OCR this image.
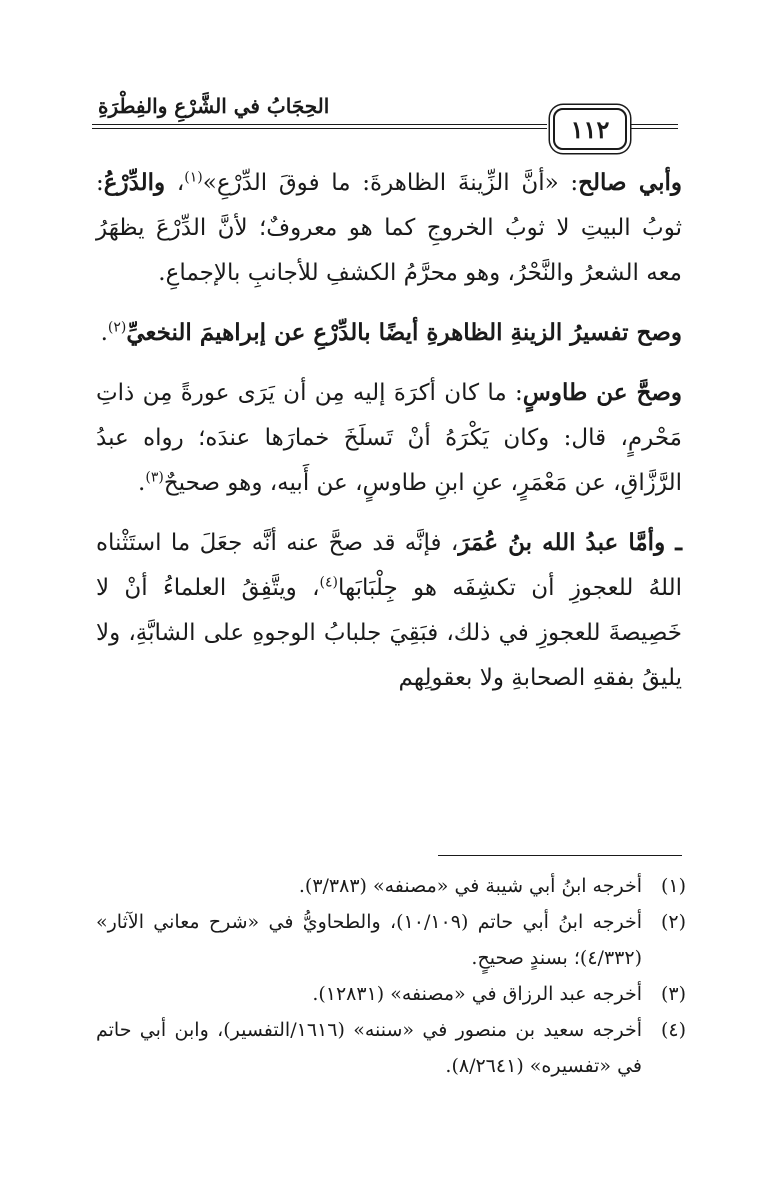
الحِجَابُ في الشَّرْعِ والفِطْرَةِ
١١٢

وأبي صالح: «أنَّ الزِّينةَ الظاهرةَ: ما فوقَ الدِّرْعِ»$^{(١)}$، والدِّرْعُ: ثوبُ البيتِ لا ثوبُ الخروجِ كما هو معروفٌ؛ لأنَّ الدِّرْعَ يظهَرُ معه الشعرُ والنَّحْرُ، وهو محرَّمُ الكشفِ للأجانبِ بالإجماعِ.

وصح تفسيرُ الزينةِ الظاهرةِ أيضًا بالدِّرْعِ عن إبراهيمَ النخعيِّ$^{(٢)}$.

وصحَّ عن طاوسٍ: ما كان أكرَهَ إليه مِن أن يَرَى عورةً مِن ذاتِ مَحْرمٍ، قال: وكان يَكْرَهُ أنْ تَسلَخَ خمارَها عندَه؛ رواه عبدُ الرَّزَّاقِ، عن مَعْمَرٍ، عنِ ابنِ طاوسٍ، عن أَبيه، وهو صحيحٌ$^{(٣)}$.

ـ وأمَّا عبدُ الله بنُ عُمَرَ، فإنَّه قد صحَّ عنه أنَّه جعَلَ ما استَثْناه اللهُ للعجوزِ أن تكشِفَه هو جِلْبَابَها$^{(٤)}$، ويتَّفِقُ العلماءُ أنْ لا خَصِيصةَ للعجوزِ في ذلك، فبَقِيَ جلبابُ الوجوهِ على الشابَّةِ، ولا يليقُ بفقهِ الصحابةِ ولا بعقولِهم

(١)
أخرجه ابنُ أبي شيبة في «مصنفه» (٣/٣٨٣).
(٢)
أخرجه ابنُ أبي حاتم (١٠/١٠٩)، والطحاويُّ في «شرح معاني الآثار» (٤/٣٣٢)؛ بسندٍ صحيحٍ.
(٣)
أخرجه عبد الرزاق في «مصنفه» (١٢٨٣١).
(٤)
أخرجه سعيد بن منصور في «سننه» (١٦١٦/التفسير)، وابن أبي حاتم في «تفسيره» (٨/٢٦٤١).
